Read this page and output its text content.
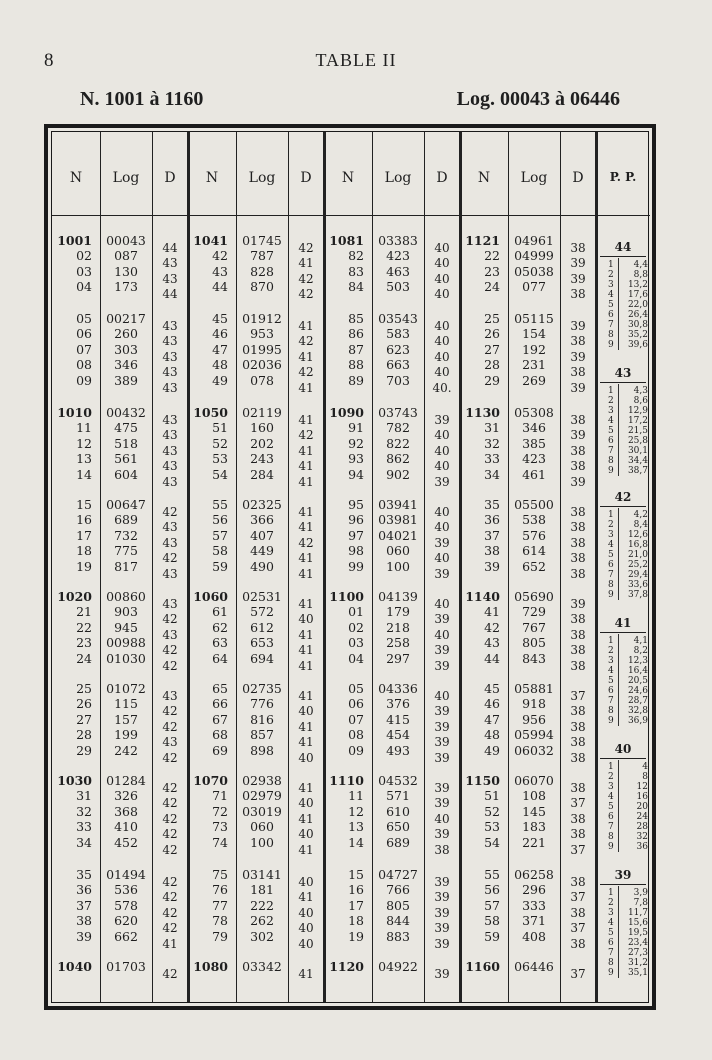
8	TABLE II
N. 1001 à 1160	Log. 00043 à 06446
N	Log	D	N	Log	D	N	Log	D	N	Log	D	P. P.
1001	00043	44
02	087	43
03	130	43
04	173	44
05	00217	43
06	260	43
07	303	43
08	346	43
09	389	43
1010	00432	43
11	475	43
12	518	43
13	561	43
14	604	43
15	00647	42
16	689	43
17	732	43
18	775	42
19	817	43
1020	00860	43
21	903	42
22	945	43
23	00988	42
24	01030	42
25	01072	43
26	115	42
27	157	42
28	199	43
29	242	42
1030	01284	42
31	326	42
32	368	42
33	410	42
34	452	42
35	01494	42
36	536	42
37	578	42
38	620	42
39	662	41
1040	01703	42
1041	01745	42
42	787	41
43	828	42
44	870	42
45	01912	41
46	953	42
47	01995	41
48	02036	42
49	078	41
1050	02119	41
51	160	42
52	202	41
53	243	41
54	284	41
55	02325	41
56	366	41
57	407	42
58	449	41
59	490	41
1060	02531	41
61	572	40
62	612	41
63	653	41
64	694	41
65	02735	41
66	776	40
67	816	41
68	857	41
69	898	40
1070	02938	41
71	02979	40
72	03019	41
73	060	40
74	100	41
75	03141	40
76	181	41
77	222	40
78	262	40
79	302	40
1080	03342	41
1081	03383	40
82	423	40
83	463	40
84	503	40
85	03543	40
86	583	40
87	623	40
88	663	40
89	703	40.
1090	03743	39
91	782	40
92	822	40
93	862	40
94	902	39
95	03941	40
96	03981	40
97	04021	39
98	060	40
99	100	39
1100	04139	40
01	179	39
02	218	40
03	258	39
04	297	39
05	04336	40
06	376	39
07	415	39
08	454	39
09	493	39
1110	04532	39
11	571	39
12	610	40
13	650	39
14	689	38
15	04727	39
16	766	39
17	805	39
18	844	39
19	883	39
1120	04922	39
1121	04961	38
22	04999	39
23	05038	39
24	077	38
25	05115	39
26	154	38
27	192	39
28	231	38
29	269	39
1130	05308	38
31	346	39
32	385	38
33	423	38
34	461	39
35	05500	38
36	538	38
37	576	38
38	614	38
39	652	38
1140	05690	39
41	729	38
42	767	38
43	805	38
44	843	38
45	05881	37
46	918	38
47	956	38
48	05994	38
49	06032	38
1150	06070	38
51	108	37
52	145	38
53	183	38
54	221	37
55	06258	38
56	296	37
57	333	38
58	371	37
59	408	38
1160	06446	37
44
1	4,4
2	8,8
3	13,2
4	17,6
5	22,0
6	26,4
7	30,8
8	35,2
9	39,6
43
1	4,3
2	8,6
3	12,9
4	17,2
5	21,5
6	25,8
7	30,1
8	34,4
9	38,7
42
1	4,2
2	8,4
3	12,6
4	16,8
5	21,0
6	25,2
7	29,4
8	33,6
9	37,8
41
1	4,1
2	8,2
3	12,3
4	16,4
5	20,5
6	24,6
7	28,7
8	32,8
9	36,9
40
1	4
2	8
3	12
4	16
5	20
6	24
7	28
8	32
9	36
39
1	3,9
2	7,8
3	11,7
4	15,6
5	19,5
6	23,4
7	27,3
8	31,2
9	35,1
